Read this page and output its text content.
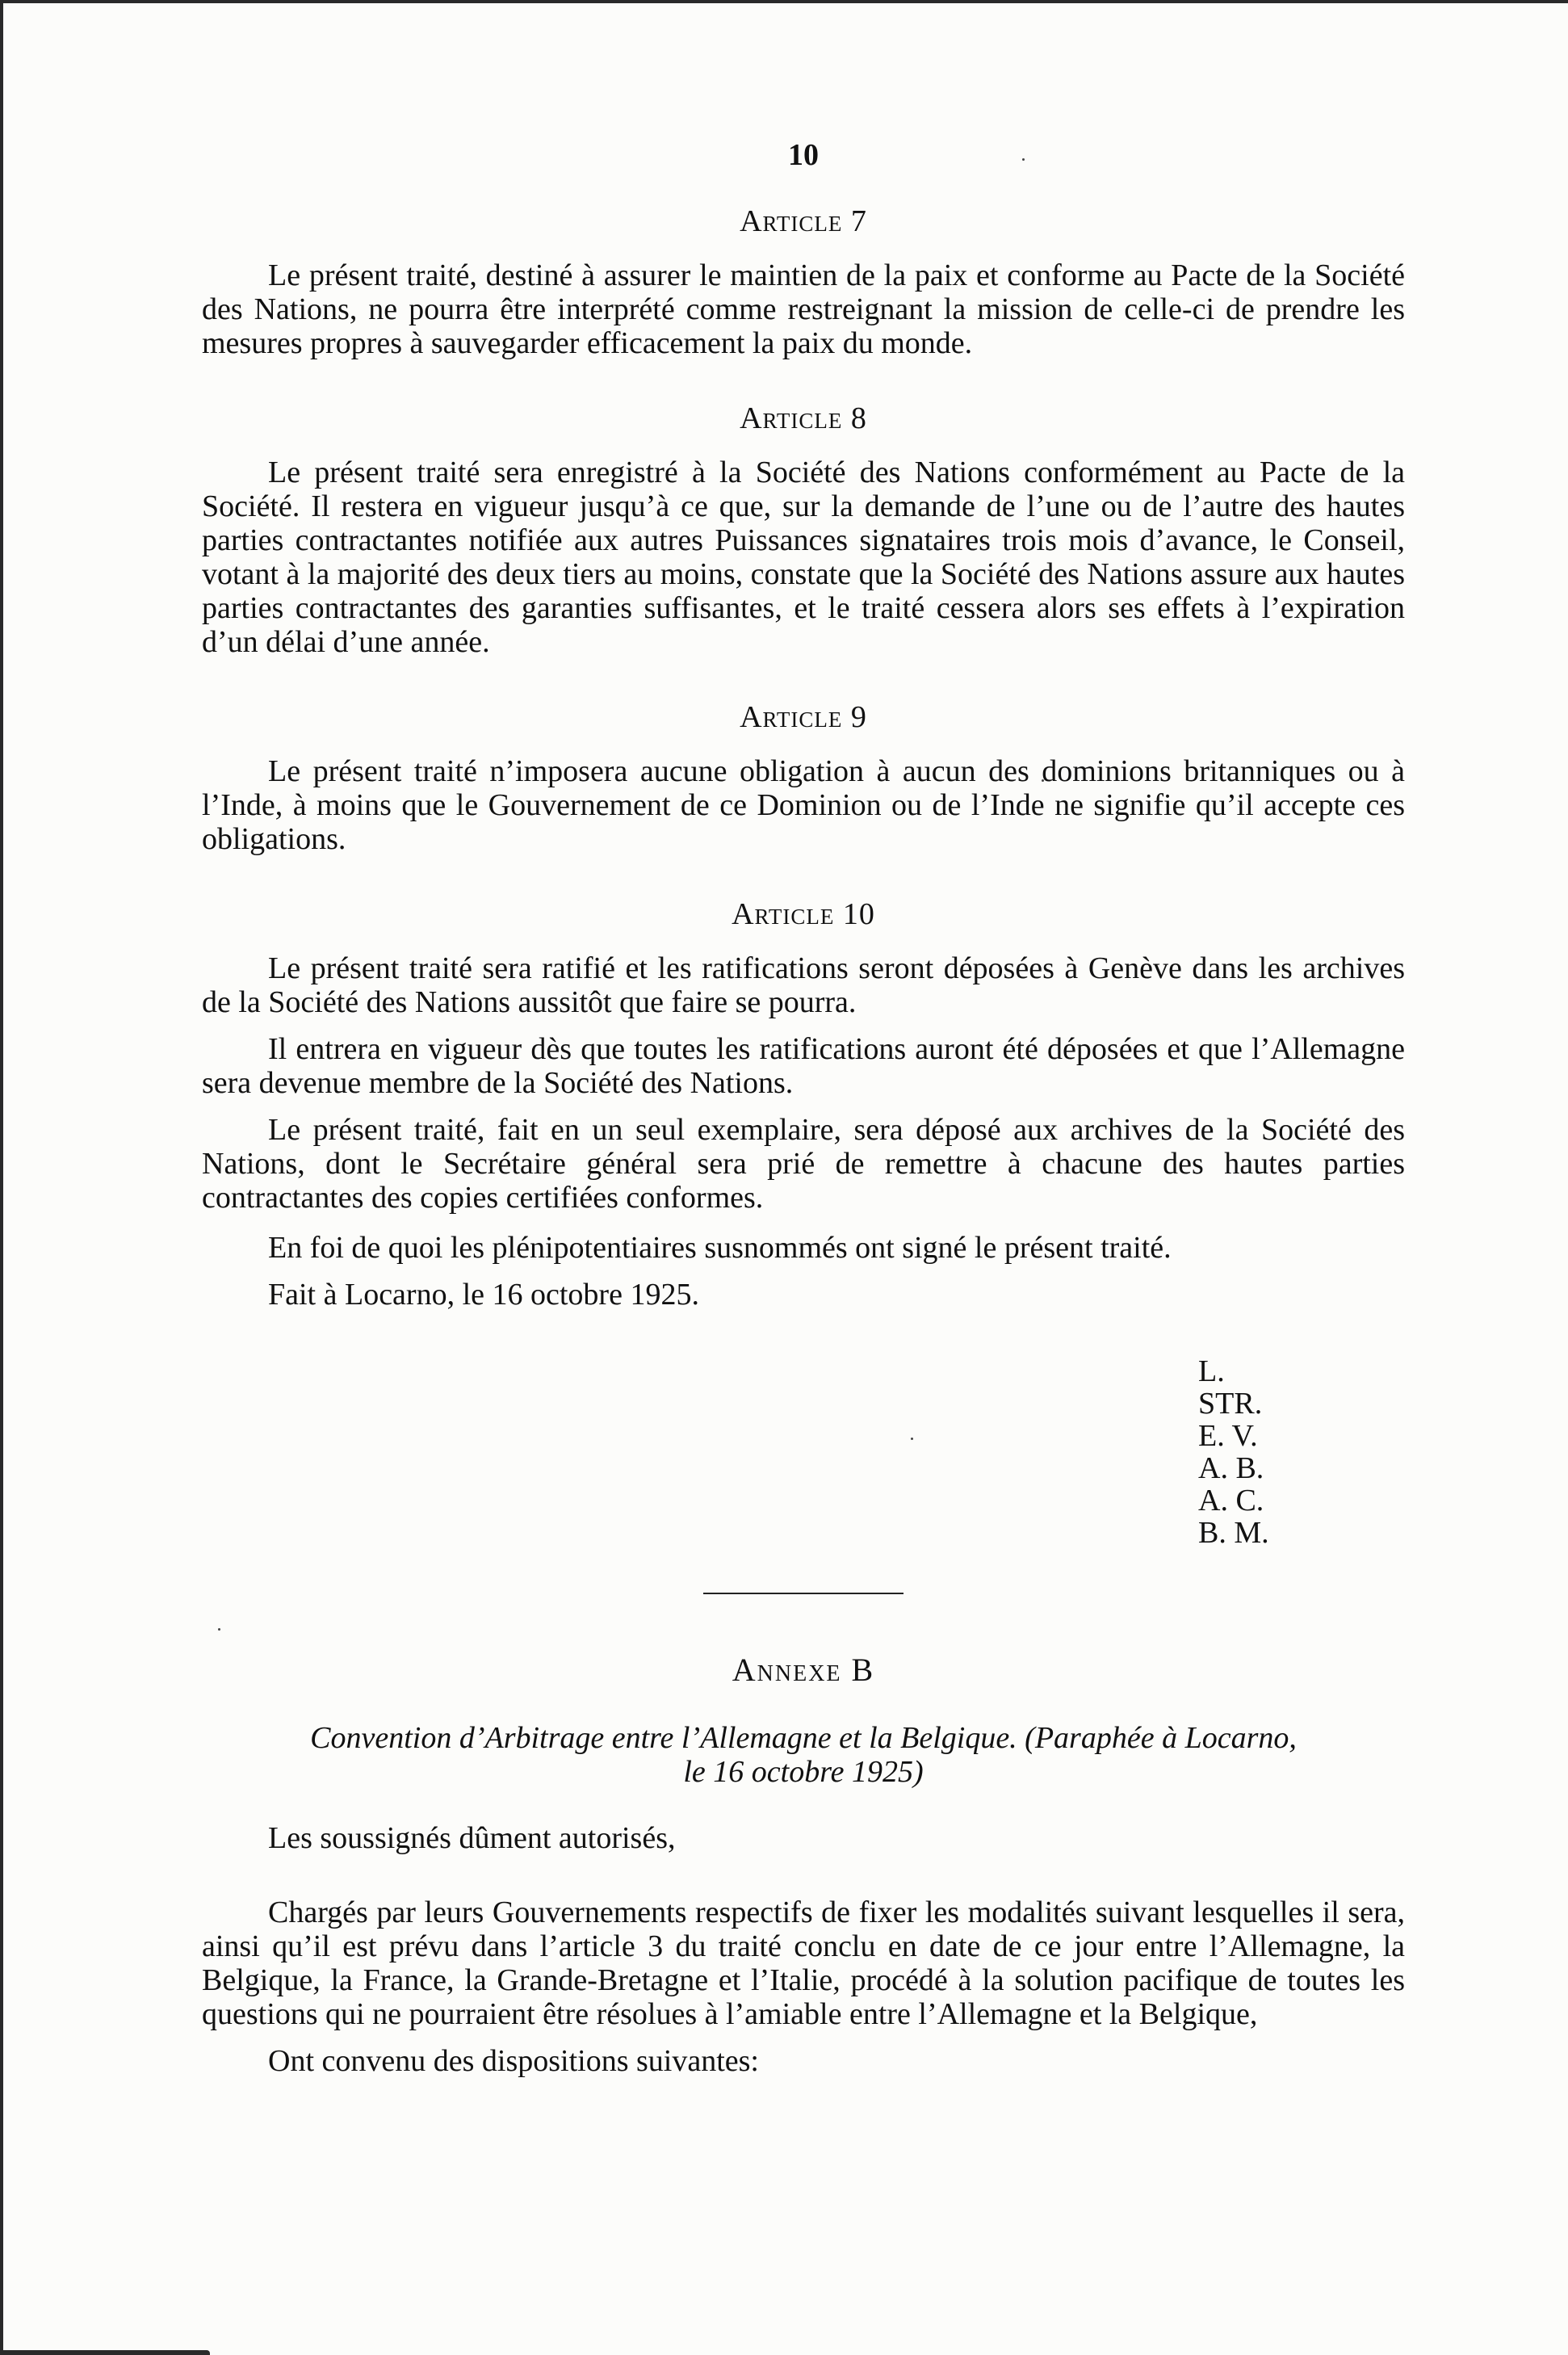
10
Article 7

Le présent traité, destiné à assurer le maintien de la paix et conforme au Pacte de la Société des Nations, ne pourra être interprété comme restreignant la mission de celle-ci de prendre les mesures propres à sauvegarder efficacement la paix du monde.

Article 8

Le présent traité sera enregistré à la Société des Nations conformément au Pacte de la Société. Il restera en vigueur jusqu’à ce que, sur la demande de l’une ou de l’autre des hautes parties contractantes notifiée aux autres Puissances signataires trois mois d’avance, le Conseil, votant à la majorité des deux tiers au moins, constate que la Société des Nations assure aux hautes parties contractantes des garanties suffisantes, et le traité cessera alors ses effets à l’expiration d’un délai d’une année.

Article 9

Le présent traité n’imposera aucune obligation à aucun des dominions britanniques ou à l’Inde, à moins que le Gouvernement de ce Dominion ou de l’Inde ne signifie qu’il accepte ces obligations.

Article 10

Le présent traité sera ratifié et les ratifications seront déposées à Genève dans les archives de la Société des Nations aussitôt que faire se pourra.

Il entrera en vigueur dès que toutes les ratifications auront été déposées et que l’Allemagne sera devenue membre de la Société des Nations.

Le présent traité, fait en un seul exemplaire, sera déposé aux archives de la Société des Nations, dont le Secrétaire général sera prié de remettre à chacune des hautes parties contractantes des copies certifiées conformes.

En foi de quoi les plénipotentiaires susnommés ont signé le présent traité.

Fait à Locarno, le 16 octobre 1925.

L.
STR.
E. V.
A. B.
A. C.
B. M.
Annexe B
Convention d’Arbitrage entre l’Allemagne et la Belgique. (Paraphée à Locarno,
le 16 octobre 1925)

Les soussignés dûment autorisés,

Chargés par leurs Gouvernements respectifs de fixer les modalités suivant lesquelles il sera, ainsi qu’il est prévu dans l’article 3 du traité conclu en date de ce jour entre l’Allemagne, la Belgique, la France, la Grande-Bretagne et l’Italie, procédé à la solution pacifique de toutes les questions qui ne pourraient être résolues à l’amiable entre l’Allemagne et la Belgique,

Ont convenu des dispositions suivantes:
